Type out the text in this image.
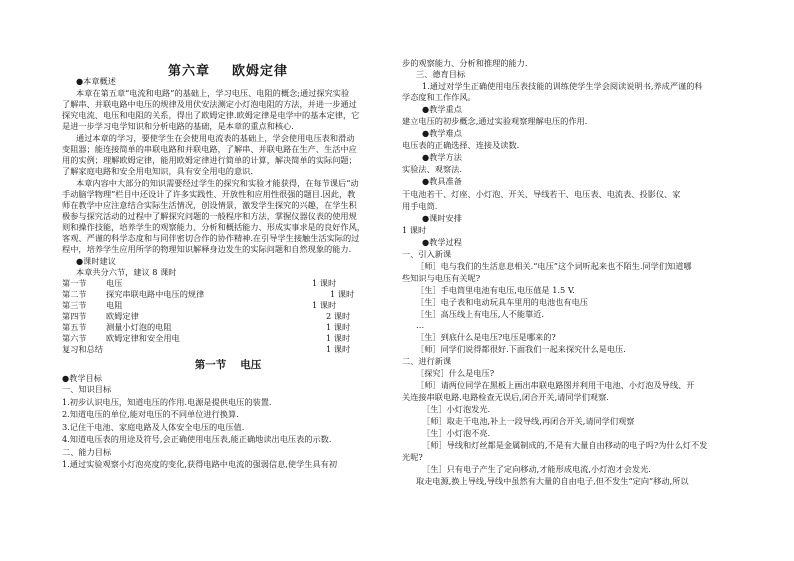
第六章 欧姆定律
●本章概述
本章在第五章“电流和电路”的基础上，学习电压、电阻的概念;通过探究实验
了解串、并联电路中电压的规律及用伏安法测定小灯泡电阻的方法，并进一步通过
探究电流、电压和电阻的关系，得出了欧姆定律.欧姆定律是电学中的基本定律，它
是进一步学习电学知识和分析电路的基础，是本章的重点和核心.
通过本章的学习，要使学生在会使用电流表的基础上，学会使用电压表和滑动
变阻器；能连接简单的串联电路和并联电路，了解串、并联电路在生产、生活中应
用的实例；理解欧姆定律，能用欧姆定律进行简单的计算，解决简单的实际问题；
了解家庭电路和安全用电知识，具有安全用电的意识.
本章内容中大部分的知识需要经过学生的探究和实验才能获得，在每节课后“动
手动脑学物理”栏目中还设计了许多实践性、开放性和应用性很强的题目.因此，教
师在教学中应注意结合实际生活情况，创设情景，激发学生探究的兴趣，在学生积
极参与探究活动的过程中了解探究问题的一般程序和方法，掌握仪器仪表的使用规
则和操作技能，培养学生的观察能力、分析和概括能力、形成实事求是的良好作风，
客观、严谨的科学态度和与同伴密切合作的协作精神.在引导学生接触生活实际的过
程中，培养学生应用所学的物理知识解释身边发生的实际问题和自然现象的能力.
●课时建议
本章共分六节，建议 8 课时
第一节 电压	1 课时
第二节 探究串联电路中电压的规律	1 课时
第三节 电阻	1 课时
第四节 欧姆定律	2 课时
第五节 测量小灯泡的电阻	1 课时
第六节 欧姆定律和安全用电	1 课时
复习和总结	1 课时
第一节 电压
●教学目标
一、知识目标
1.初步认识电压，知道电压的作用.电源是提供电压的装置.
2.知道电压的单位,能对电压的不同单位进行换算.
3.记住干电池、家庭电路及人体安全电压的电压值.
4.知道电压表的用途及符号,会正确使用电压表,能正确地读出电压表的示数.
二、能力目标
1.通过实验观察小灯泡亮度的变化,获得电路中电流的强弱信息,使学生具有初
步的观察能力、分析和推理的能力.
三、德育目标
1.通过对学生正确使用电压表技能的训练使学生学会阅读说明书,养成严谨的科
学态度和工作作风。
●教学重点
建立电压的初步概念,通过实验观察理解电压的作用.
●教学难点
电压表的正确选择、连接及读数.
●教学方法
实验法、观察法.
●教具准备
干电池若干、灯座、小灯泡、开关、导线若干、电压表、电流表、投影仪、家
用手电筒.
●课时安排
1 课时
●教学过程
一、引入新课
［师］电与我们的生活息息相关.“电压”这个词听起来也不陌生.同学们知道哪
些知识与电压有关呢?
［生］手电筒里电池有电压,电压值是 1.5 V.
［生］电子表和电动玩具车里用的电池也有电压
［生］高压线上有电压,人不能靠近.
…
［生］到底什么是电压?电压是哪来的?
［师］同学们说得都很好.下面我们一起来探究什么是电压.
二、进行新课
［探究］什么是电压?
［师］请两位同学在黑板上画出串联电路图并利用干电池、小灯泡及导线、开
关连接串联电路.电路检查无误后,闭合开关,请同学们观察.
［生］小灯泡发光.
［师］取走干电池,补上一段导线,再闭合开关,请同学们观察
［生］小灯泡不亮.
［师］导线和灯丝都是金属制成的,不是有大量自由移动的电子吗?为什么灯不发
光呢?
［生］只有电子产生了定向移动,才能形成电流,小灯泡才会发光.
取走电源,换上导线,导线中虽然有大量的自由电子,但不发生“定向”移动,所以
